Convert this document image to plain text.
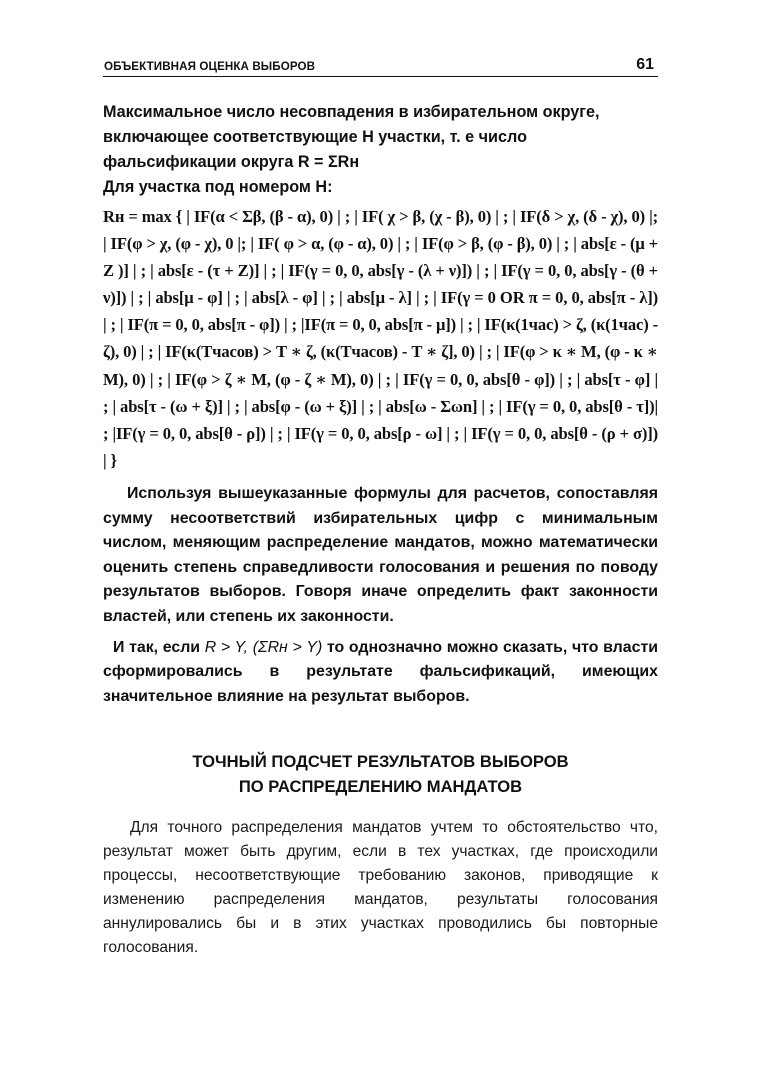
ОБЪЕКТИВНАЯ ОЦЕНКА ВЫБОРОВ	61

Максимальное число несовпадения в избирательном округе,

включающее соответствующие Н участки, т. е число

фальсификации округа R = ΣRн

Для участка под номером Н:

Rн = max { | IF(α < Σβ, (β - α), 0) | ; | IF( χ > β, (χ - β), 0) | ; | IF(δ > χ, (δ - χ), 0) |; | IF(φ > χ, (φ - χ), 0 |; | IF( φ > α, (φ - α), 0) | ; | IF(φ > β, (φ - β), 0) | ; | abs[ε - (μ + Z )] | ; | abs[ε - (τ + Z)] | ; | IF(γ = 0, 0, abs[γ - (λ + ν)]) | ; | IF(γ = 0, 0, abs[γ - (θ + ν)]) | ; | abs[μ - φ] | ; | abs[λ - φ] | ; | abs[μ - λ] | ; | IF(γ = 0 OR π = 0, 0, abs[π - λ]) | ; | IF(π = 0, 0, abs[π - φ]) | ; |IF(π = 0, 0, abs[π - μ]) | ; | IF(κ(1час) > ζ, (κ(1час) - ζ), 0) | ; | IF(κ(Тчасов) > T ∗ ζ, (κ(Тчасов) - T ∗ ζ], 0) | ; | IF(φ > κ ∗ M, (φ - κ ∗ M), 0) | ; | IF(φ > ζ ∗ M, (φ - ζ ∗ M), 0) | ; | IF(γ = 0, 0, abs[θ - φ]) | ; | abs[τ - φ] | ; | abs[τ - (ω + ξ)] | ; | abs[φ - (ω + ξ)] | ; | abs[ω - Σωn] | ; | IF(γ = 0, 0, abs[θ - τ])| ; |IF(γ = 0, 0, abs[θ - ρ]) | ; | IF(γ = 0, 0, abs[ρ - ω] | ; | IF(γ = 0, 0, abs[θ - (ρ + σ)]) | }

Используя вышеуказанные формулы для расчетов, сопоставляя сумму несоответствий избирательных цифр с минимальным числом, меняющим распределение мандатов, можно математически оценить степень справедливости голосования и решения по поводу результатов выборов. Говоря иначе определить факт законности властей, или степень их законности.

И так, если R > Y, (ΣRн > Y) то однозначно можно сказать, что власти сформировались в результате фальсификаций, имеющих значительное влияние на результат выборов.

ТОЧНЫЙ ПОДСЧЕТ РЕЗУЛЬТАТОВ ВЫБОРОВ
ПО РАСПРЕДЕЛЕНИЮ МАНДАТОВ

Для точного распределения мандатов учтем то обстоятельство что, результат может быть другим, если в тех участках, где происходили процессы, несоответствующие требованию законов, приводящие к изменению распределения мандатов, результаты голосования аннулировались бы и в этих участках проводились бы повторные голосования.
